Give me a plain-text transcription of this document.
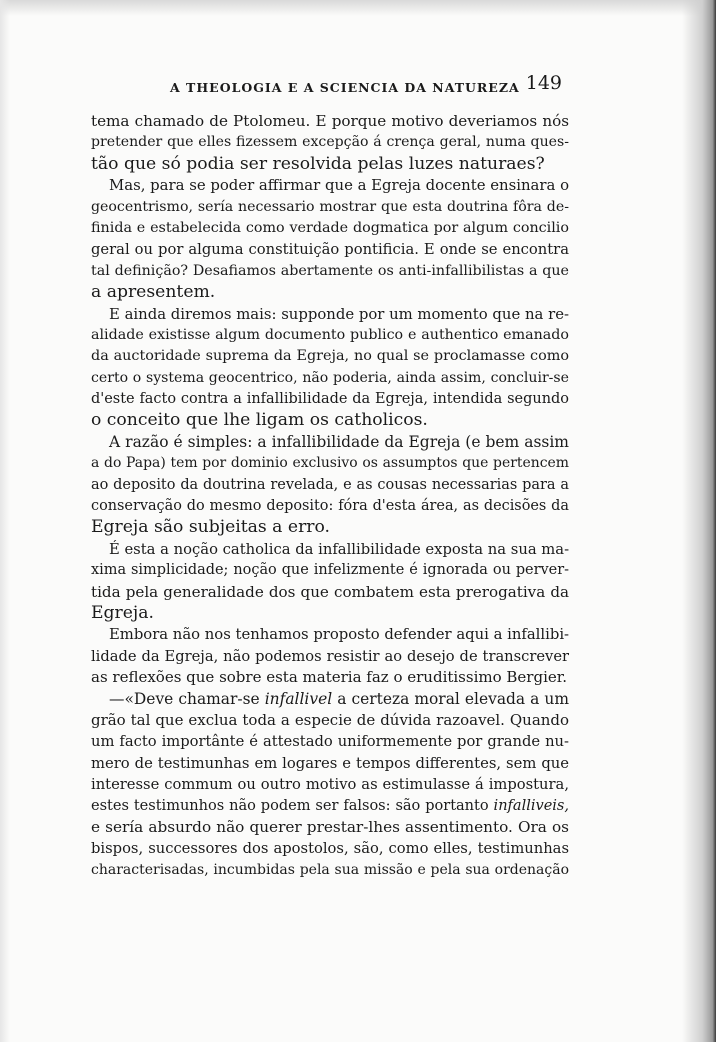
A THEOLOGIA E A SCIENCIA DA NATUREZA 149
tema chamado de Ptolomeu. E porque motivo deveriamos nós
pretender que elles fizessem excepção á crença geral, numa ques-
tão que só podia ser resolvida pelas luzes naturaes?
Mas, para se poder affirmar que a Egreja docente ensinara o
geocentrismo, sería necessario mostrar que esta doutrina fôra de-
finida e estabelecida como verdade dogmatica por algum concilio
geral ou por alguma constituição pontificia. E onde se encontra
tal definição? Desafiamos abertamente os anti-infallibilistas a que
a apresentem.
E ainda diremos mais: supponde por um momento que na re-
alidade existisse algum documento publico e authentico emanado
da auctoridade suprema da Egreja, no qual se proclamasse como
certo o systema geocentrico, não poderia, ainda assim, concluir-se
d'este facto contra a infallibilidade da Egreja, intendida segundo
o conceito que lhe ligam os catholicos.
A razão é simples: a infallibilidade da Egreja (e bem assim
a do Papa) tem por dominio exclusivo os assumptos que pertencem
ao deposito da doutrina revelada, e as cousas necessarias para a
conservação do mesmo deposito: fóra d'esta área, as decisões da
Egreja são subjeitas a erro.
É esta a noção catholica da infallibilidade exposta na sua ma-
xima simplicidade; noção que infelizmente é ignorada ou perver-
tida pela generalidade dos que combatem esta prerogativa da
Egreja.
Embora não nos tenhamos proposto defender aqui a infallibi-
lidade da Egreja, não podemos resistir ao desejo de transcrever
as reflexões que sobre esta materia faz o eruditissimo Bergier.
—«Deve chamar-se infallivel a certeza moral elevada a um
grão tal que exclua toda a especie de dúvida razoavel. Quando
um facto importânte é attestado uniformemente por grande nu-
mero de testimunhas em logares e tempos differentes, sem que
interesse commum ou outro motivo as estimulasse á impostura,
estes testimunhos não podem ser falsos: são portanto infalliveis,
e sería absurdo não querer prestar-lhes assentimento. Ora os
bispos, successores dos apostolos, são, como elles, testimunhas
characterisadas, incumbidas pela sua missão e pela sua ordenação
